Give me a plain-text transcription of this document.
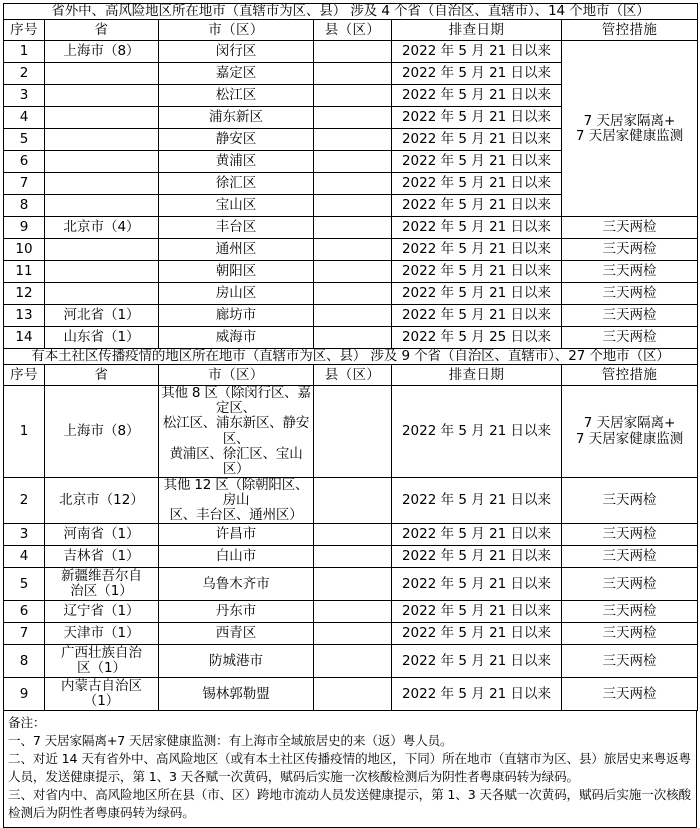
省外中、高风险地区所在地市（直辖市为区、县） 涉及 4 个省（自治区、直辖市）、14 个地市（区）					
序号	省	市（区）	县（区）	排查日期	管控措施
1	上海市（8）	闵行区		2022 年 5 月 21 日以来	7 天居家隔离+
7 天居家健康监测
2		嘉定区		2022 年 5 月 21 日以来	
3		松江区		2022 年 5 月 21 日以来	
4		浦东新区		2022 年 5 月 21 日以来	
5		静安区		2022 年 5 月 21 日以来	
6		黄浦区		2022 年 5 月 21 日以来	
7		徐汇区		2022 年 5 月 21 日以来	
8		宝山区		2022 年 5 月 21 日以来	
9	北京市（4）	丰台区		2022 年 5 月 21 日以来	三天两检
10		通州区		2022 年 5 月 21 日以来	三天两检
11		朝阳区		2022 年 5 月 21 日以来	三天两检
12		房山区		2022 年 5 月 21 日以来	三天两检
13	河北省（1）	廊坊市		2022 年 5 月 21 日以来	三天两检
14	山东省（1）	威海市		2022 年 5 月 25 日以来	三天两检
有本土社区传播疫情的地区所在地市（直辖市为区、县） 涉及 9 个省（自治区、直辖市）、27 个地市（区）					
序号	省	市（区）	县（区）	排查日期	管控措施
1	上海市（8）	其他 8 区（除闵行区、嘉定区、
松江区、浦东新区、静安区、
黄浦区、徐汇区、宝山区）		2022 年 5 月 21 日以来	7 天居家隔离+
7 天居家健康监测
2	北京市（12）	其他 12 区（除朝阳区、房山
区、丰台区、通州区）		2022 年 5 月 21 日以来	三天两检
3	河南省（1）	许昌市		2022 年 5 月 21 日以来	三天两检
4	吉林省（1）	白山市		2022 年 5 月 21 日以来	三天两检
5	新疆维吾尔自
治区（1）	乌鲁木齐市		2022 年 5 月 21 日以来	三天两检
6	辽宁省（1）	丹东市		2022 年 5 月 21 日以来	三天两检
7	天津市（1）	西青区		2022 年 5 月 21 日以来	三天两检
8	广西壮族自治
区（1）	防城港市		2022 年 5 月 21 日以来	三天两检
9	内蒙古自治区
（1）	锡林郭勒盟		2022 年 5 月 21 日以来	三天两检
备注：
一、7 天居家隔离+7 天居家健康监测：有上海市全域旅居史的来（返）粤人员。
二、对近 14 天有省外中、高风险地区（或有本土社区传播疫情的地区，下同）所在地市（直辖市为区、县）旅居史来粤返粤人员，发送健康提示，第 1、3 天各赋一次黄码，赋码后实施一次核酸检测后为阴性者粤康码转为绿码。
三、对省内中、高风险地区所在县（市、区）跨地市流动人员发送健康提示，第 1、3 天各赋一次黄码，赋码后实施一次核酸检测后为阴性者粤康码转为绿码。
